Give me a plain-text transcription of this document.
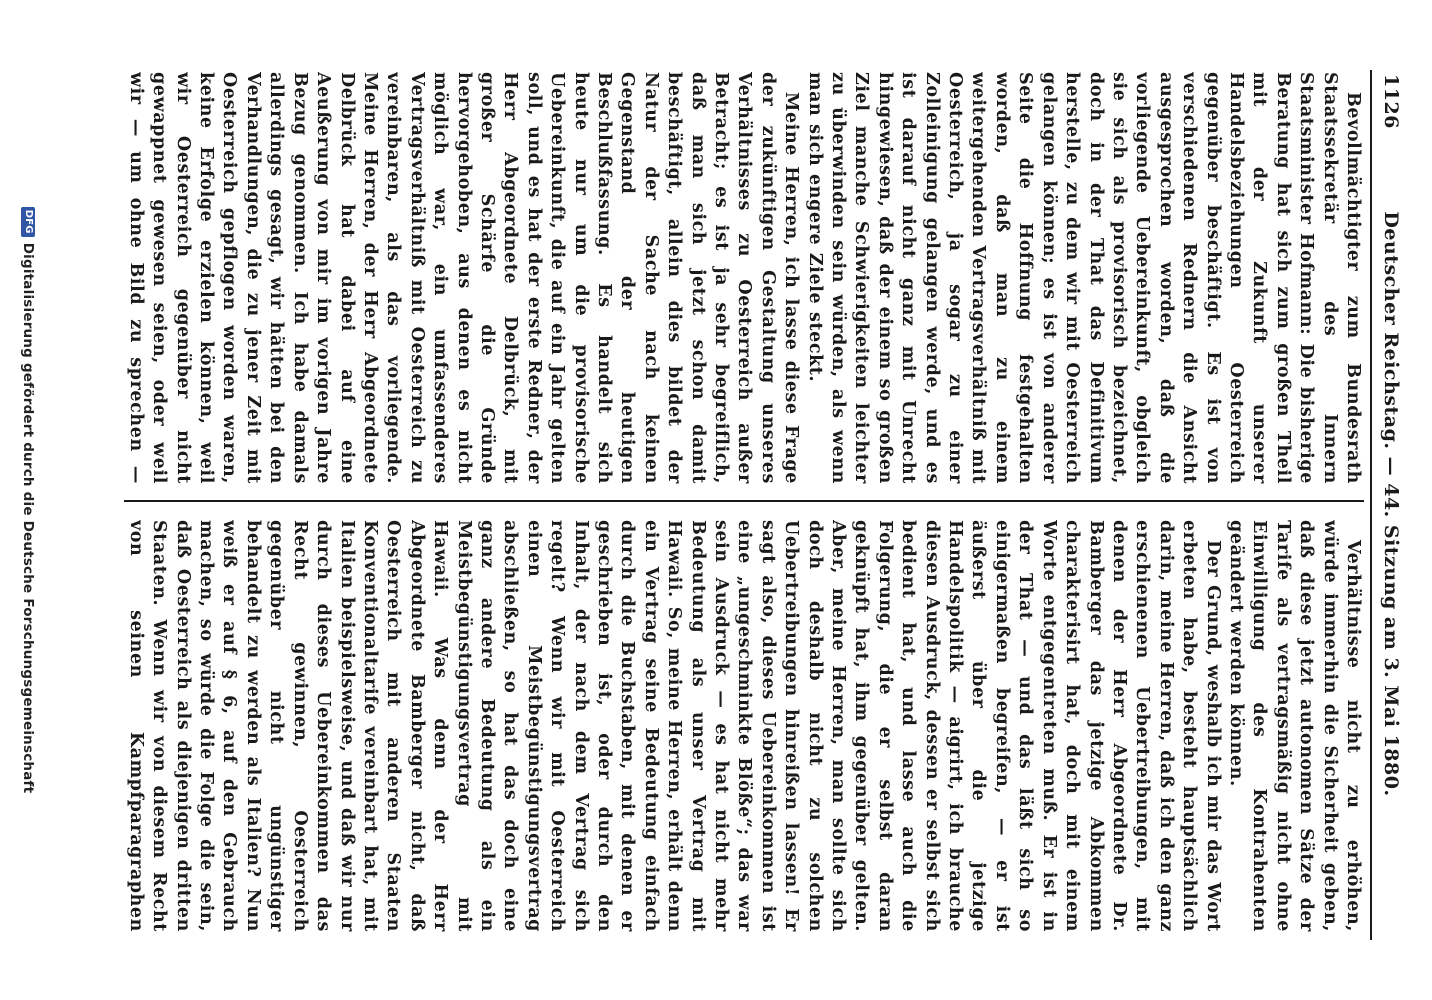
1126
Deutscher Reichstag. — 44. Sitzung am 3. Mai 1880.

Bevollmächtigter zum Bundesrath Staatssekretär des Innern Staatsminister Hofmann: Die bisherige Beratung hat sich zum großen Theil mit der Zukunft unserer Handelsbeziehungen Oesterreich gegenüber beschäftigt. Es ist von verschiedenen Rednern die Ansicht ausgesprochen worden, daß die vorliegende Uebereinkunft, obgleich sie sich als provisorisch bezeichnet, doch in der That das Definitivum herstelle, zu dem wir mit Oesterreich gelangen können; es ist von anderer Seite die Hoffnung festgehalten worden, daß man zu einem weitergehenden Vertragsverhältniß mit Oesterreich, ja sogar zu einer Zolleinigung gelangen werde, und es ist darauf nicht ganz mit Unrecht hingewiesen, daß der einem so großen Ziel manche Schwierigkeiten leichter zu überwinden sein würden, als wenn man sich engere Ziele steckt.

Meine Herren, ich lasse diese Frage der zukünftigen Gestaltung unseres Verhältnisses zu Oesterreich außer Betracht; es ist ja sehr begreiflich, daß man sich jetzt schon damit beschäftigt, allein dies bildet der Natur der Sache nach keinen Gegenstand der heutigen Beschlußfassung. Es handelt sich heute nur um die provisorische Uebereinkunft, die auf ein Jahr gelten soll, und es hat der erste Redner, der Herr Abgeordnete Delbrück, mit großer Schärfe die Gründe hervorgehoben, aus denen es nicht möglich war, ein umfassenderes Vertragsverhältniß mit Oesterreich zu vereinbaren, als das vorliegende. Meine Herren, der Herr Abgeordnete Delbrück hat dabei auf eine Aeußerung von mir im vorigen Jahre Bezug genommen. Ich habe damals allerdings gesagt, wir hätten bei den Verhandlungen, die zu jener Zeit mit Oesterreich gepflogen worden waren, keine Erfolge erzielen können, weil wir Oesterreich gegenüber nicht gewappnet gewesen seien, oder weil wir — um ohne Bild zu sprechen —

Verhältnisse nicht zu erhöhen, würde immerhin die Sicherheit geben, daß diese jetzt autonomen Sätze der Tarife als vertragsmäßig nicht ohne Einwilligung des Kontrahenten geändert werden können.

Der Grund, weshalb ich mir das Wort erbeten habe, besteht hauptsächlich darin, meine Herren, daß ich den ganz erschienenen Uebertreibungen, mit denen der Herr Abgeordnete Dr. Bamberger das jetzige Abkommen charakterisirt hat, doch mit einem Worte entgegentreten muß. Er ist in der That — und das läßt sich so einigermaßen begreifen, — er ist äußerst über die jetzige Handelspolitik — aigrirt, ich brauche diesen Ausdruck, dessen er selbst sich bedient hat, und lasse auch die Folgerung, die er selbst daran geknüpft hat, ihm gegenüber gelten. Aber, meine Herren, man sollte sich doch deshalb nicht zu solchen Uebertreibungen hinreißen lassen! Er sagt also, dieses Uebereinkommen ist eine „ungeschminkte Blöße“; das war sein Ausdruck — es hat nicht mehr Bedeutung als unser Vertrag mit Hawaii. So, meine Herren, erhält denn ein Vertrag seine Bedeutung einfach durch die Buchstaben, mit denen er geschrieben ist, oder durch den Inhalt, der nach dem Vertrag sich regelt? Wenn wir mit Oesterreich einen Meistbegünstigungsvertrag abschließen, so hat das doch eine ganz andere Bedeutung als ein Meistbegünstigungsvertrag mit Hawaii. Was denn der Herr Abgeordnete Bamberger nicht, daß Oesterreich mit anderen Staaten Konventionaltarife vereinbart hat, mit Italien beispielsweise, und daß wir nur durch dieses Uebereinkommen das Recht gewinnen, Oesterreich gegenüber nicht ungünstiger behandelt zu werden als Italien? Nun weiß er auf § 6, auf den Gebrauch machen, so würde die Folge die sein, daß Oesterreich als diejenigen dritten Staaten. Wenn wir von diesem Recht von seinen Kampfparagraphen

DFGDigitalisierung gefördert durch die Deutsche Forschungsgemeinschaft
